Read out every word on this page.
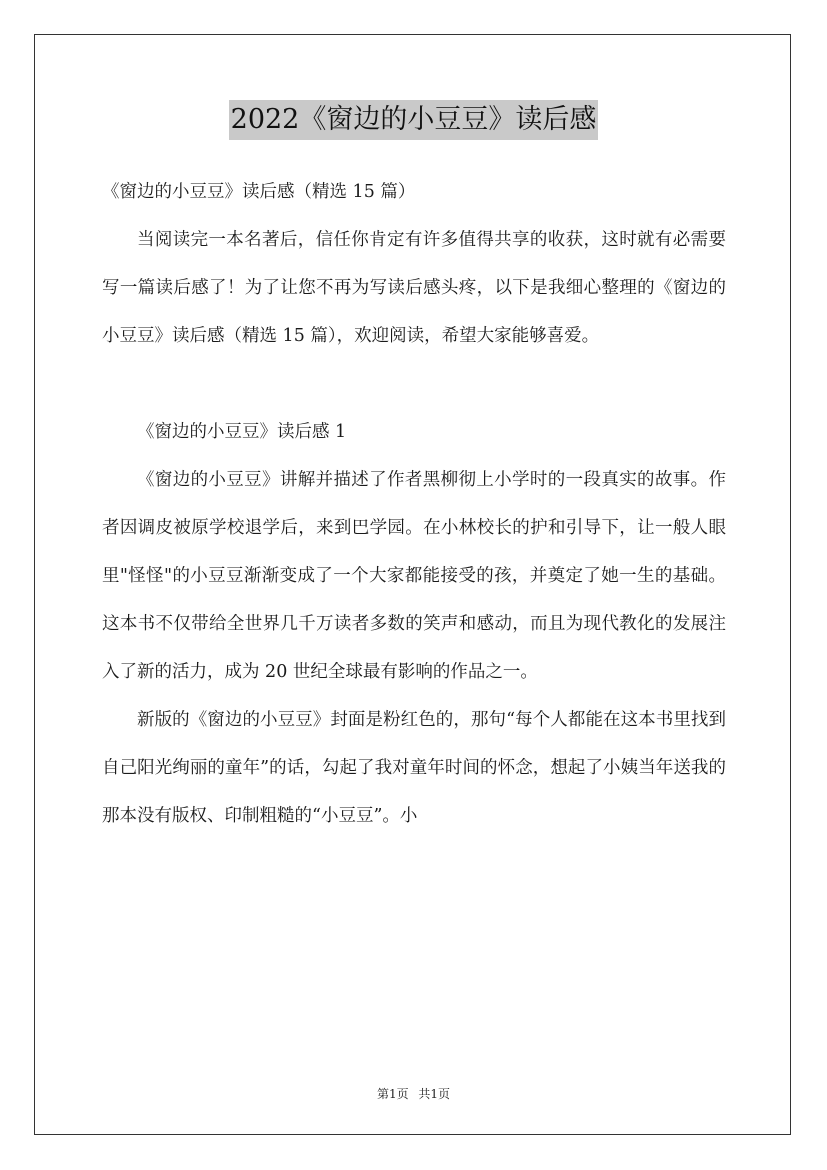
2022《窗边的小豆豆》读后感

《窗边的小豆豆》读后感（精选 15 篇）

当阅读完一本名著后，信任你肯定有许多值得共享的收获，这时就有必需要写一篇读后感了！为了让您不再为写读后感头疼，以下是我细心整理的《窗边的小豆豆》读后感（精选 15 篇），欢迎阅读，希望大家能够喜爱。

《窗边的小豆豆》读后感 1

《窗边的小豆豆》讲解并描述了作者黑柳彻上小学时的一段真实的故事。作者因调皮被原学校退学后，来到巴学园。在小林校长的护和引导下，让一般人眼里"怪怪"的小豆豆渐渐变成了一个大家都能接受的孩，并奠定了她一生的基础。这本书不仅带给全世界几千万读者多数的笑声和感动，而且为现代教化的发展注入了新的活力，成为 20 世纪全球最有影响的作品之一。

新版的《窗边的小豆豆》封面是粉红色的，那句“每个人都能在这本书里找到自己阳光绚丽的童年”的话，勾起了我对童年时间的怀念，想起了小姨当年送我的那本没有版权、印制粗糙的“小豆豆”。小

第1页 共1页
